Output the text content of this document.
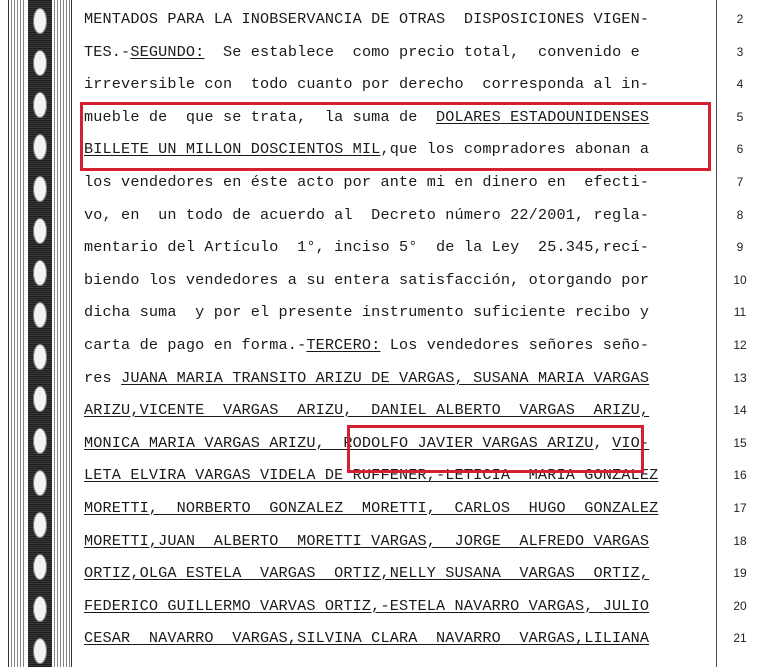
MENTADOS PARA LA INOBSERVANCIA DE OTRAS  DISPOSICIONES VIGEN-
TES.-SEGUNDO:  Se establece  como precio total,  convenido e
irreversible con  todo cuanto por derecho  corresponda al in-
mueble de  que se trata,  la suma de  DOLARES ESTADOUNIDENSES
BILLETE UN MILLON DOSCIENTOS MIL,que los compradores abonan a
los vendedores en éste acto por ante mi en dinero en  efecti-
vo, en  un todo de acuerdo al  Decreto número 22/2001, regla-
mentario del Artículo  1°, inciso 5°  de la Ley  25.345,recí-
biendo los vendedores a su entera satisfacción, otorgando por
dicha suma  y por el presente instrumento suficiente recibo y
carta de pago en forma.-TERCERO: Los vendedores señores seño-
res JUANA MARIA TRANSITO ARIZU DE VARGAS, SUSANA MARIA VARGAS
ARIZU,VICENTE  VARGAS  ARIZU,  DANIEL ALBERTO  VARGAS  ARIZU,
MONICA MARIA VARGAS ARIZU,  RODOLFO JAVIER VARGAS ARIZU, VIO-
LETA ELVIRA VARGAS VIDELA DE RUFFENER,-LETICIA  MARIA GONZALEZ
MORETTI,  NORBERTO  GONZALEZ  MORETTI,  CARLOS  HUGO  GONZALEZ
MORETTI,JUAN  ALBERTO  MORETTI VARGAS,  JORGE  ALFREDO VARGAS
ORTIZ,OLGA ESTELA  VARGAS  ORTIZ,NELLY SUSANA  VARGAS  ORTIZ,
FEDERICO GUILLERMO VARVAS ORTIZ,-ESTELA NAVARRO VARGAS, JULIO
CESAR  NAVARRO  VARGAS,SILVINA CLARA  NAVARRO  VARGAS,LILIANA
2
3
4
5
6
7
8
9
10
11
12
13
14
15
16
17
18
19
20
21
